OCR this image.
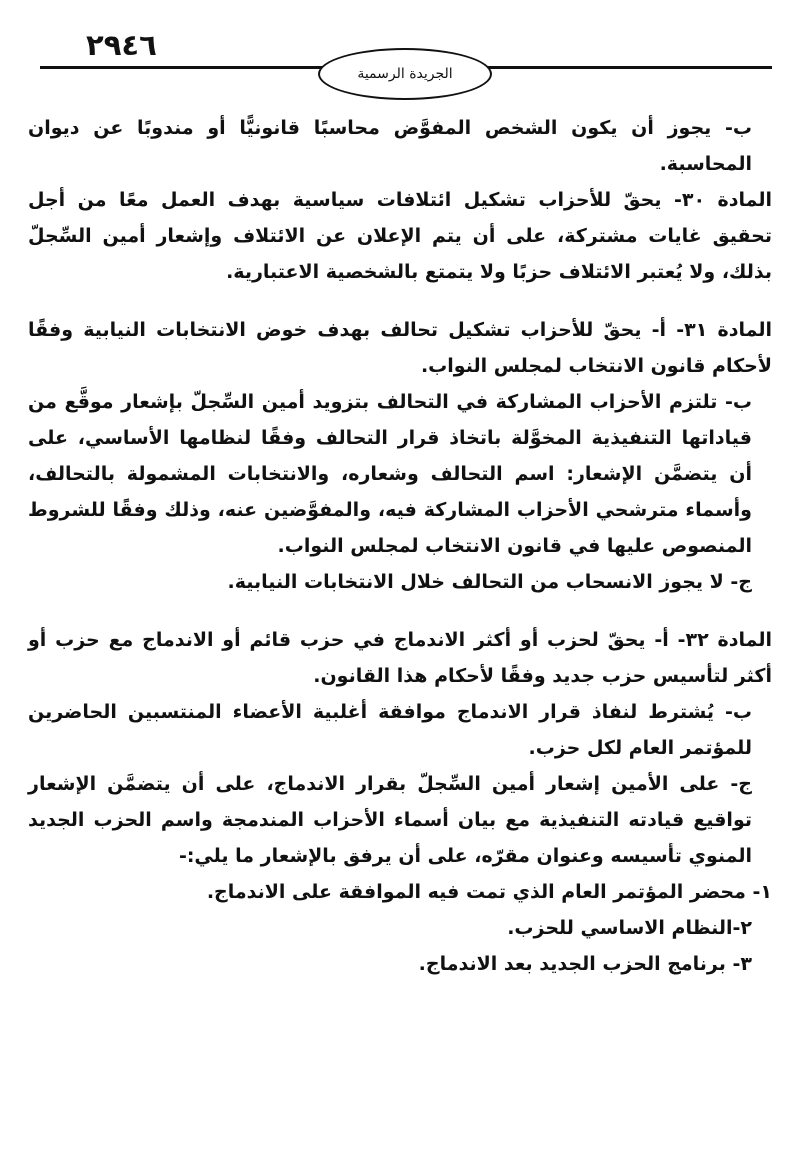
٢٩٤٦
الجريدة الرسمية

ب- يجوز أن يكون الشخص المفوَّض محاسبًا قانونيًّا أو مندوبًا عن ديوان المحاسبة.

المادة ٣٠- يحقّ للأحزاب تشكيل ائتلافات سياسية بهدف العمل معًا من أجل تحقيق غايات مشتركة، على أن يتم الإعلان عن الائتلاف وإشعار أمين السِّجلّ بذلك، ولا يُعتبر الائتلاف حزبًا ولا يتمتع بالشخصية الاعتبارية.

المادة ٣١- أ- يحقّ للأحزاب تشكيل تحالف بهدف خوض الانتخابات النيابية وفقًا لأحكام قانون الانتخاب لمجلس النواب.

ب- تلتزم الأحزاب المشاركة في التحالف بتزويد أمين السِّجلّ بإشعار موقَّع من قياداتها التنفيذية المخوَّلة باتخاذ قرار التحالف وفقًا لنظامها الأساسي، على أن يتضمَّن الإشعار: اسم التحالف وشعاره، والانتخابات المشمولة بالتحالف، وأسماء مترشحي الأحزاب المشاركة فيه، والمفوَّضين عنه، وذلك وفقًا للشروط المنصوص عليها في قانون الانتخاب لمجلس النواب.

ج- لا يجوز الانسحاب من التحالف خلال الانتخابات النيابية.

المادة ٣٢- أ- يحقّ لحزب أو أكثر الاندماج في حزب قائم أو الاندماج مع حزب أو أكثر لتأسيس حزب جديد وفقًا لأحكام هذا القانون.

ب- يُشترط لنفاذ قرار الاندماج موافقة أغلبية الأعضاء المنتسبين الحاضرين للمؤتمر العام لكل حزب.

ج- على الأمين إشعار أمين السِّجلّ بقرار الاندماج، على أن يتضمَّن الإشعار تواقيع قيادته التنفيذية مع بيان أسماء الأحزاب المندمجة واسم الحزب الجديد المنوي تأسيسه وعنوان مقرّه، على أن يرفق بالإشعار ما يلي:-

١- محضر المؤتمر العام الذي تمت فيه الموافقة على الاندماج.

٢-النظام الاساسي للحزب.

٣- برنامج الحزب الجديد بعد الاندماج.
